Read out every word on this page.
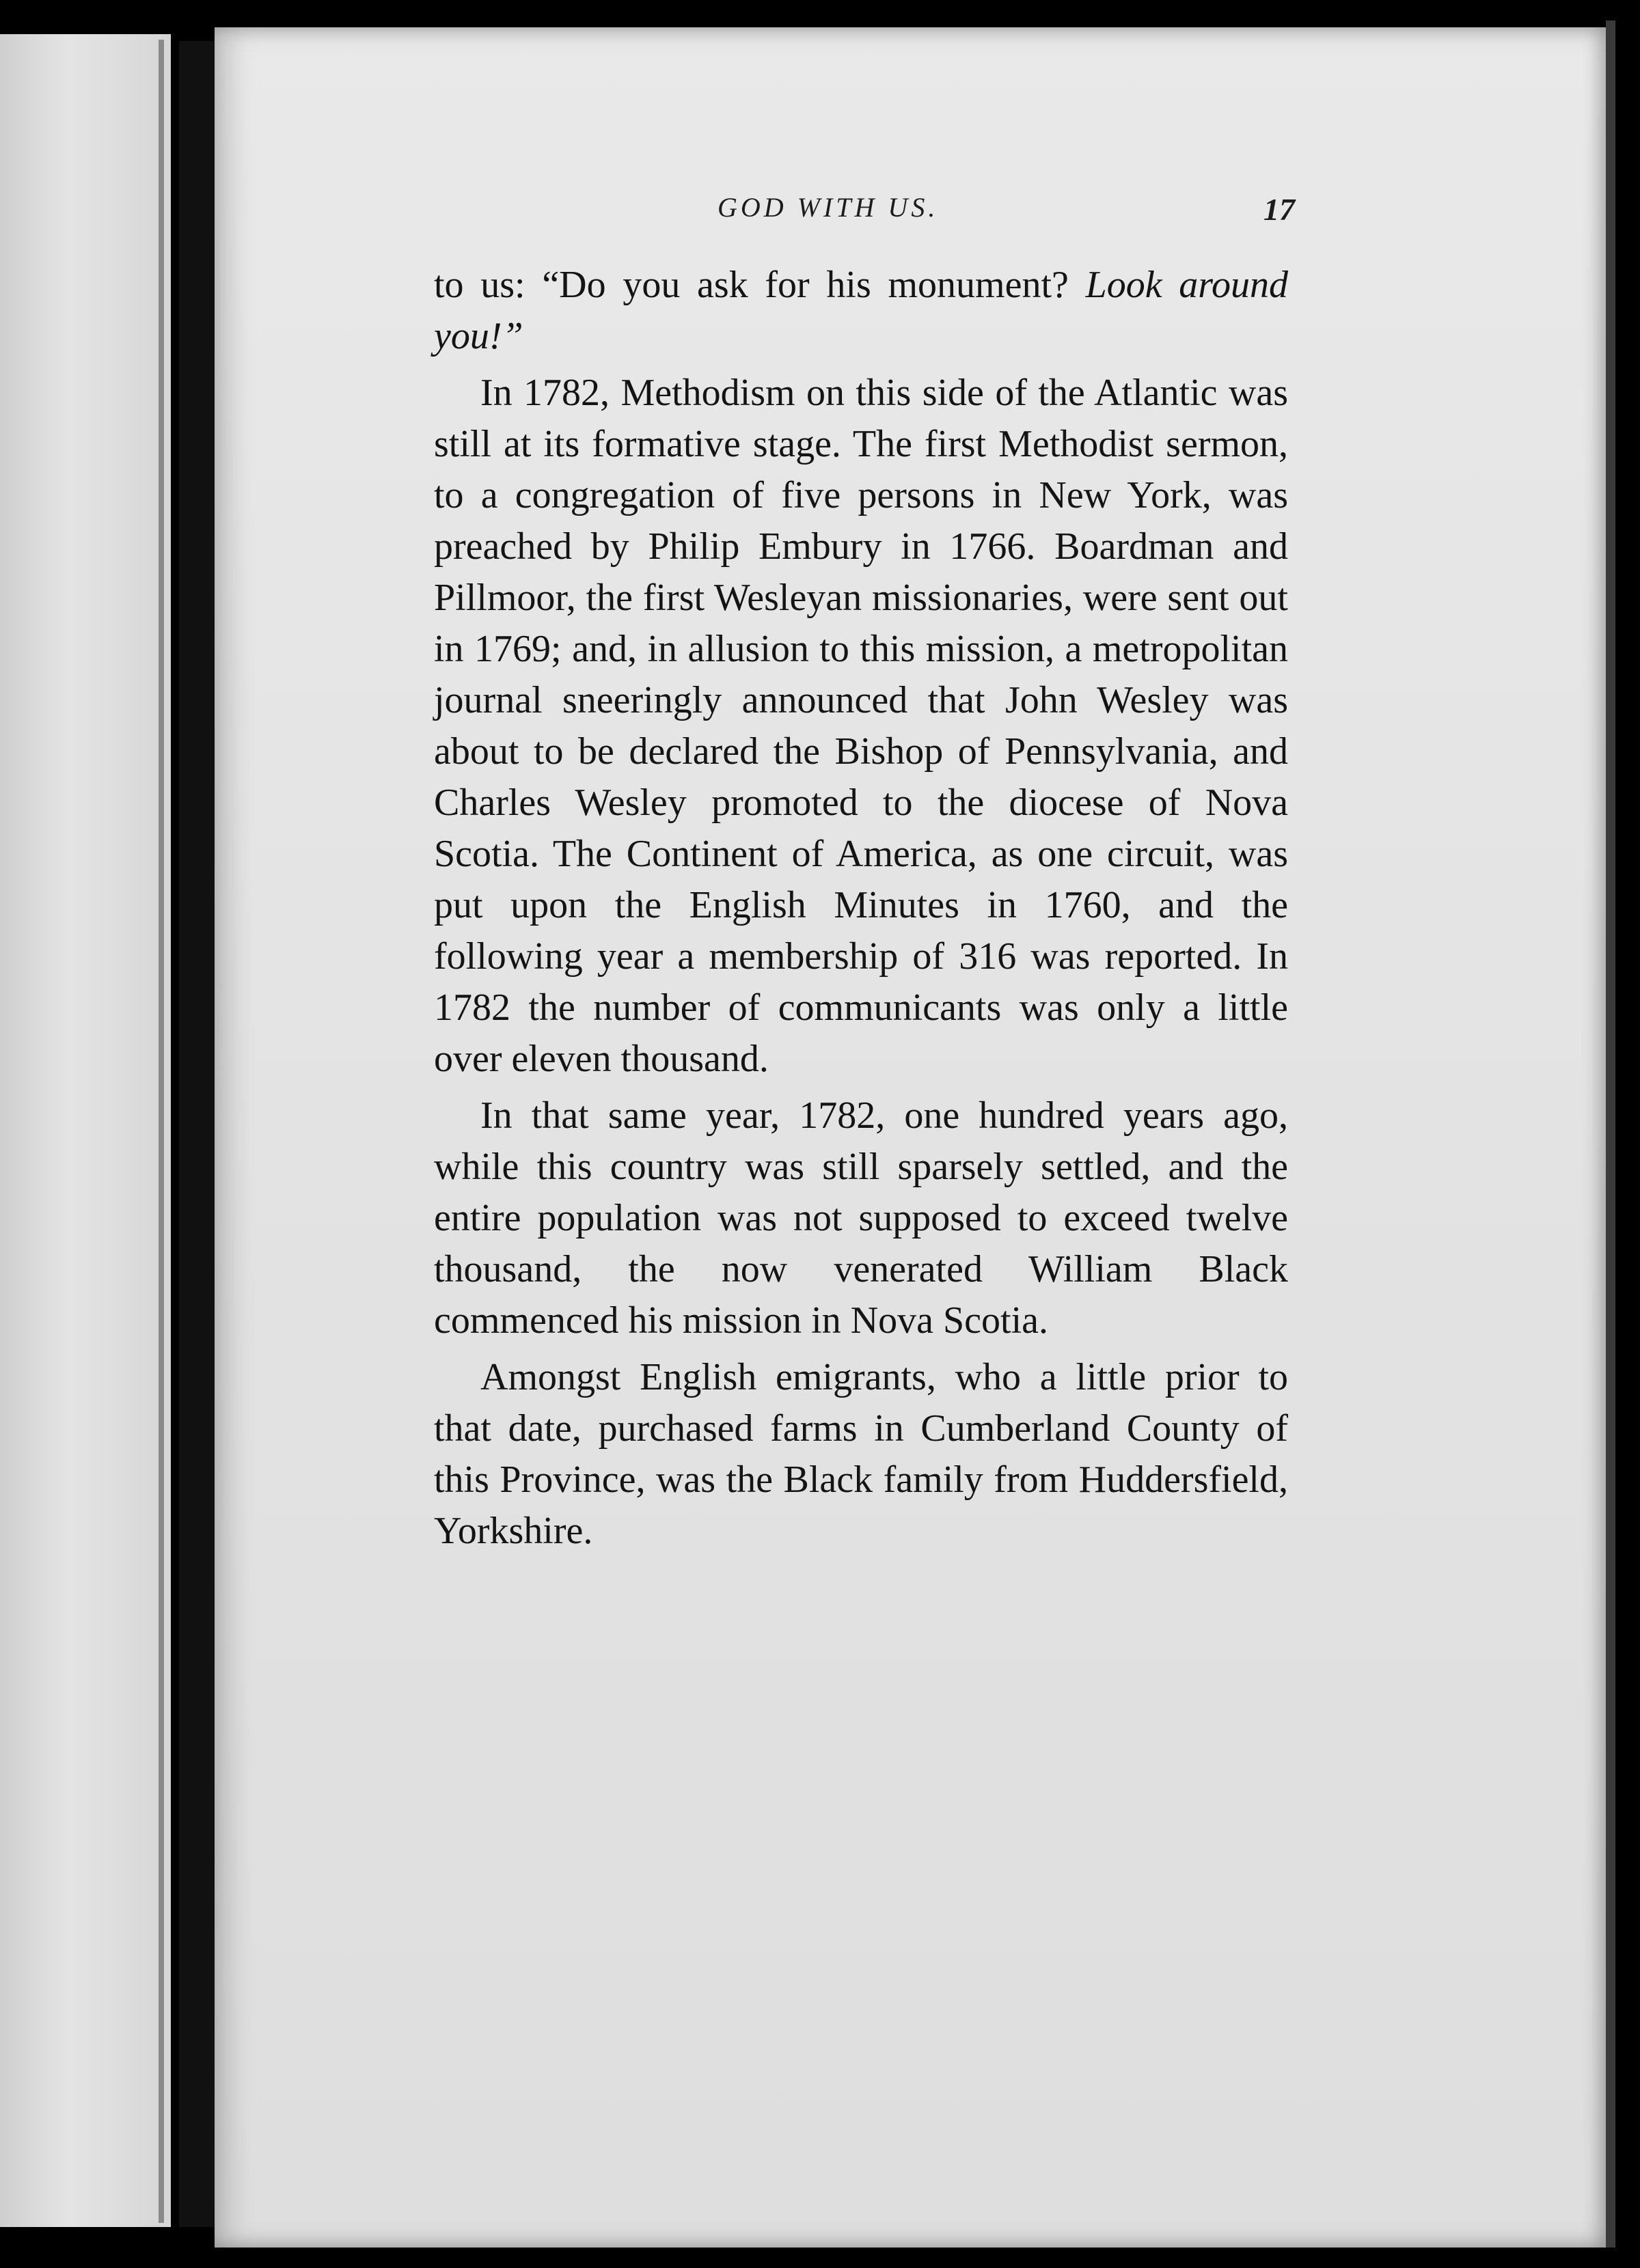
GOD WITH US.	17

to us: “Do you ask for his monument? Look around you!”

In 1782, Methodism on this side of the Atlantic was still at its formative stage. The first Methodist sermon, to a congregation of five persons in New York, was preached by Philip Embury in 1766. Boardman and Pillmoor, the first Wesleyan missionaries, were sent out in 1769; and, in allusion to this mission, a metropolitan journal sneeringly announced that John Wesley was about to be declared the Bishop of Pennsylvania, and Charles Wesley promoted to the diocese of Nova Scotia. The Continent of America, as one circuit, was put upon the English Minutes in 1760, and the following year a membership of 316 was reported. In 1782 the number of communicants was only a little over eleven thousand.

In that same year, 1782, one hundred years ago, while this country was still sparsely settled, and the entire population was not supposed to exceed twelve thousand, the now venerated William Black commenced his mission in Nova Scotia.

Amongst English emigrants, who a little prior to that date, purchased farms in Cumberland County of this Province, was the Black family from Huddersfield, Yorkshire.
